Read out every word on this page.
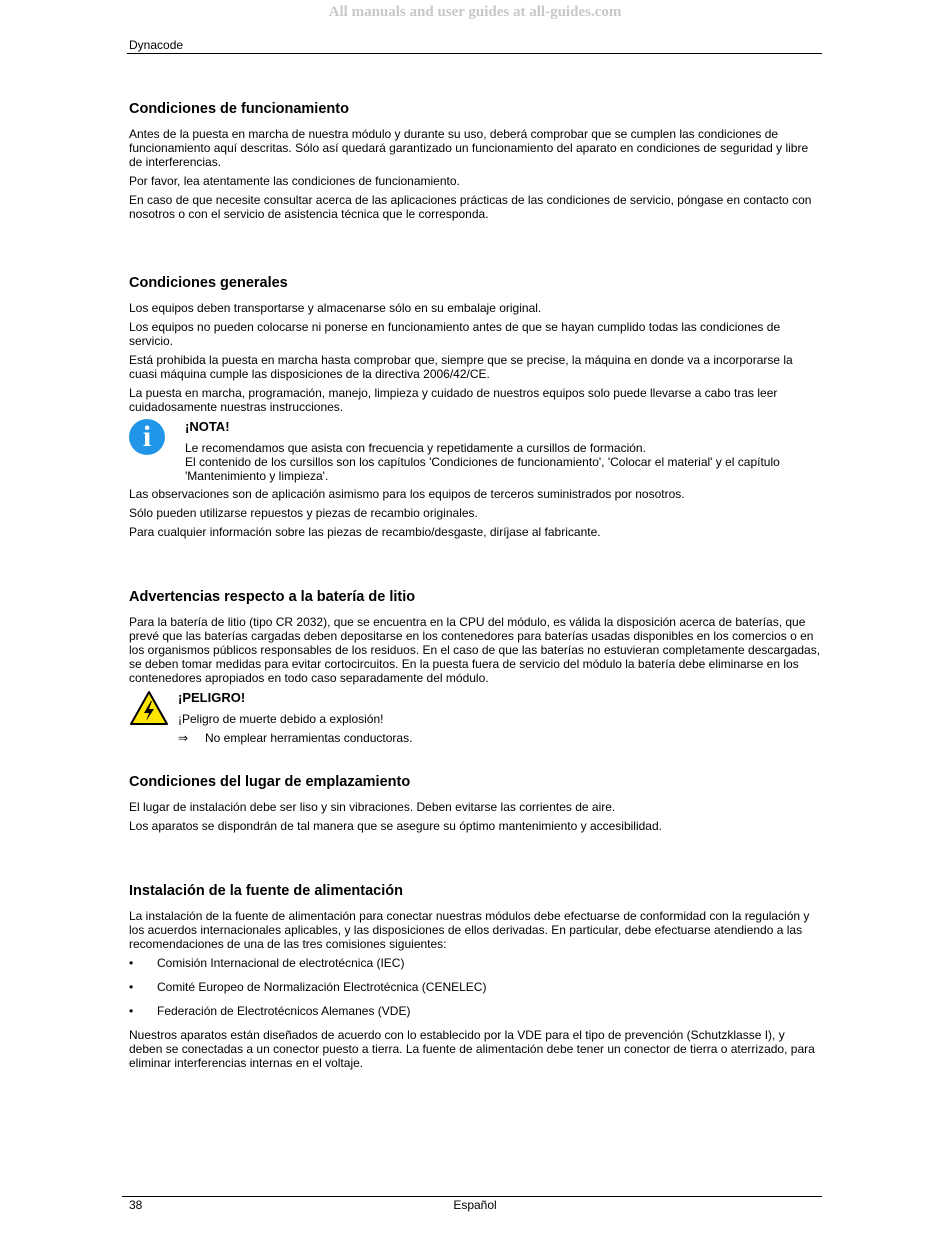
All manuals and user guides at all-guides.com
Dynacode
Condiciones de funcionamiento

Antes de la puesta en marcha de nuestra módulo y durante su uso, deberá comprobar que se cumplen las condiciones de funcionamiento aquí descritas. Sólo así quedará garantizado un funcionamiento del aparato en condiciones de seguridad y libre de interferencias.

Por favor, lea atentamente las condiciones de funcionamiento.

En caso de que necesite consultar acerca de las aplicaciones prácticas de las condiciones de servicio, póngase en contacto con nosotros o con el servicio de asistencia técnica que le corresponda.

Condiciones generales

Los equipos deben transportarse y almacenarse sólo en su embalaje original.

Los equipos no pueden colocarse ni ponerse en funcionamiento antes de que se hayan cumplido todas las condiciones de servicio.

Está prohibida la puesta en marcha hasta comprobar que, siempre que se precise, la máquina en donde va a incorporarse la cuasi máquina cumple las disposiciones de la directiva 2006/42/CE.

La puesta en marcha, programación, manejo, limpieza y cuidado de nuestros equipos solo puede llevarse a cabo tras leer cuidadosamente nuestras instrucciones.

i	¡NOTA!
Le recomendamos que asista con frecuencia y repetidamente a cursillos de formación.
El contenido de los cursillos son los capítulos 'Condiciones de funcionamiento', 'Colocar el material' y el capítulo 'Mantenimiento y limpieza'.

Las observaciones son de aplicación asimismo para los equipos de terceros suministrados por nosotros.

Sólo pueden utilizarse repuestos y piezas de recambio originales.

Para cualquier información sobre las piezas de recambio/desgaste, diríjase al fabricante.

Advertencias respecto a la batería de litio

Para la batería de litio (tipo CR 2032), que se encuentra en la CPU del módulo, es válida la disposición acerca de baterías, que prevé que las baterías cargadas deben depositarse en los contenedores para baterías usadas disponibles en los comercios o en los organismos públicos responsables de los residuos. En el caso de que las baterías no estuvieran completamente descargadas, se deben tomar medidas para evitar cortocircuitos. En la puesta fuera de servicio del módulo la batería debe eliminarse en los contenedores apropiados en todo caso separadamente del módulo.

¡PELIGRO!
¡Peligro de muerte debido a explosión!
⇒	No emplear herramientas conductoras.
Condiciones del lugar de emplazamiento

El lugar de instalación debe ser liso y sin vibraciones. Deben evitarse las corrientes de aire.

Los aparatos se dispondrán de tal manera que se asegure su óptimo mantenimiento y accesibilidad.

Instalación de la fuente de alimentación

La instalación de la fuente de alimentación para conectar nuestras módulos debe efectuarse de conformidad con la regulación y los acuerdos internacionales aplicables, y las disposiciones de ellos derivadas. En particular, debe efectuarse atendiendo a las recomendaciones de una de las tres comisiones siguientes:

•	Comisión Internacional de electrotécnica (IEC)
•	Comité Europeo de Normalización Electrotécnica (CENELEC)
•	Federación de Electrotécnicos Alemanes (VDE)

Nuestros aparatos están diseñados de acuerdo con lo establecido por la VDE para el tipo de prevención (Schutzklasse I), y deben se conectadas a un conector puesto a tierra. La fuente de alimentación debe tener un conector de tierra o aterrizado, para eliminar interferencias internas en el voltaje.

38	Español
